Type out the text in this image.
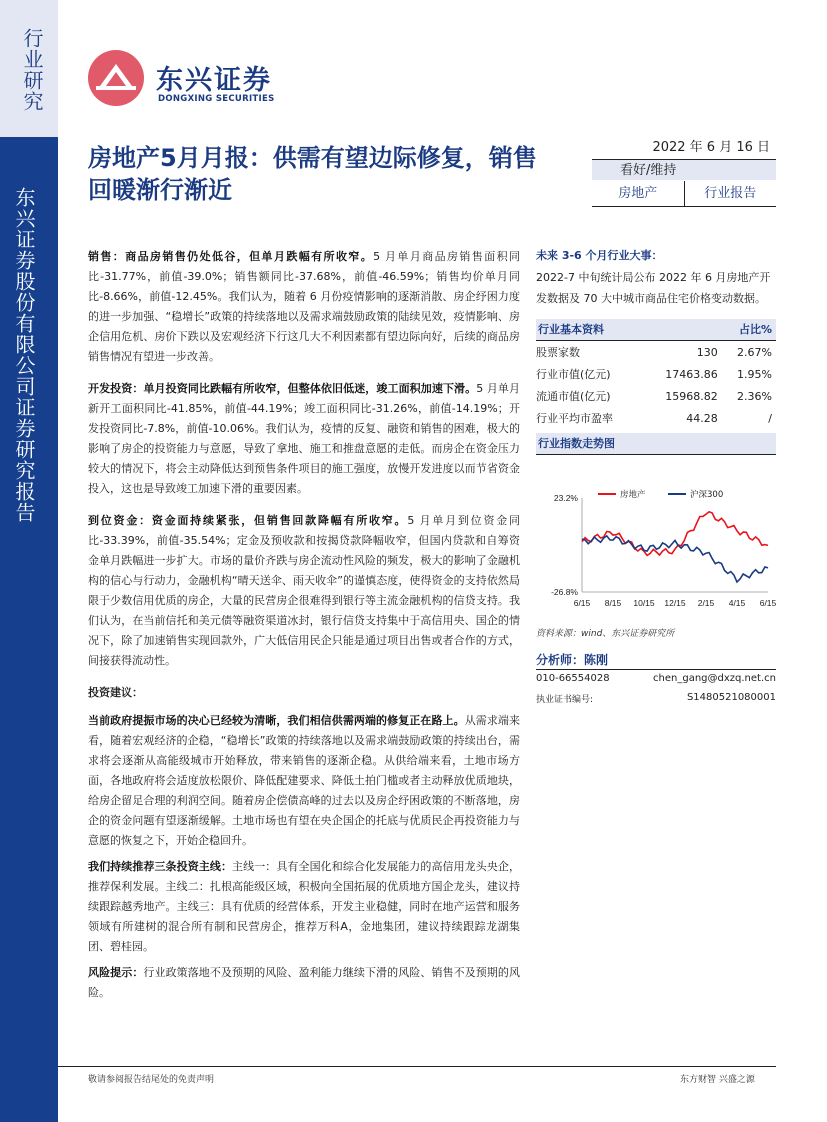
行业研究
东兴证券股份有限公司证券研究报告
东兴证券
DONGXING SECURITIES
房地产5月月报：供需有望边际修复，销售回暖渐行渐近
2022 年 6 月 16 日
看好/维持
房地产	行业报告

销售：商品房销售仍处低谷，但单月跌幅有所收窄。5 月单月商品房销售面积同比-31.77%，前值-39.0%；销售额同比-37.68%，前值-46.59%；销售均价单月同比-8.66%，前值-12.45%。我们认为，随着 6 月份疫情影响的逐渐消散、房企纾困力度的进一步加强、“稳增长”政策的持续落地以及需求端鼓励政策的陆续见效，疫情影响、房企信用危机、房价下跌以及宏观经济下行这几大不利因素都有望边际向好，后续的商品房销售情况有望进一步改善。

开发投资：单月投资同比跌幅有所收窄，但整体依旧低迷，竣工面积加速下滑。5 月单月新开工面积同比-41.85%，前值-44.19%；竣工面积同比-31.26%，前值-14.19%；开发投资同比-7.8%，前值-10.06%。我们认为，疫情的反复、融资和销售的困难，极大的影响了房企的投资能力与意愿，导致了拿地、施工和推盘意愿的走低。而房企在资金压力较大的情况下，将会主动降低达到预售条件项目的施工强度，放慢开发进度以而节省资金投入，这也是导致竣工加速下滑的重要因素。

到位资金：资金面持续紧张，但销售回款降幅有所收窄。5 月单月到位资金同比-33.39%，前值-35.54%；定金及预收款和按揭贷款降幅收窄，但国内贷款和自筹资金单月跌幅进一步扩大。市场的量价齐跌与房企流动性风险的频发，极大的影响了金融机构的信心与行动力，金融机构“晴天送伞、雨天收伞”的谨慎态度，使得资金的支持依然局限于少数信用优质的房企，大量的民营房企很难得到银行等主流金融机构的信贷支持。我们认为，在当前信托和美元债等融资渠道冰封，银行信贷支持集中于高信用央、国企的情况下，除了加速销售实现回款外，广大低信用民企只能是通过项目出售或者合作的方式，间接获得流动性。

投资建议：

当前政府提振市场的决心已经较为清晰，我们相信供需两端的修复正在路上。从需求端来看，随着宏观经济的企稳，“稳增长”政策的持续落地以及需求端鼓励政策的持续出台，需求将会逐渐从高能级城市开始释放，带来销售的逐渐企稳。从供给端来看，土地市场方面，各地政府将会适度放松限价、降低配建要求、降低土拍门槛或者主动释放优质地块，给房企留足合理的利润空间。随着房企偿债高峰的过去以及房企纾困政策的不断落地，房企的资金问题有望逐渐缓解。土地市场也有望在央企国企的托底与优质民企再投资能力与意愿的恢复之下，开始企稳回升。

我们持续推荐三条投资主线：主线一：具有全国化和综合化发展能力的高信用龙头央企，推荐保利发展。主线二：扎根高能级区域，积极向全国拓展的优质地方国企龙头，建议持续跟踪越秀地产。主线三：具有优质的经营体系，开发主业稳健，同时在地产运营和服务领域有所建树的混合所有制和民营房企，推荐万科A，金地集团，建议持续跟踪龙湖集团、碧桂园。

风险提示：行业政策落地不及预期的风险、盈利能力继续下滑的风险、销售不及预期的风险。

未来 3-6 个月行业大事：
2022-7 中旬统计局公布 2022 年 6 月房地产开发数据及 70 大中城市商品住宅价格变动数据。
行业基本资料	占比%
股票家数	130	2.67%
行业市值(亿元)	17463.86	1.95%
流通市值(亿元)	15968.82	2.36%
行业平均市盈率	44.28	/
行业指数走势图
23.2%
-26.8%
6/15 8/15 10/15 12/15 2/15 4/15 6/15
房地产	沪深300
资料来源：wind、东兴证券研究所
分析师：陈刚
010-66554028	chen_gang@dxzq.net.cn
执业证书编号:	S1480521080001
敬请参阅报告结尾处的免责声明	东方财智 兴盛之源
